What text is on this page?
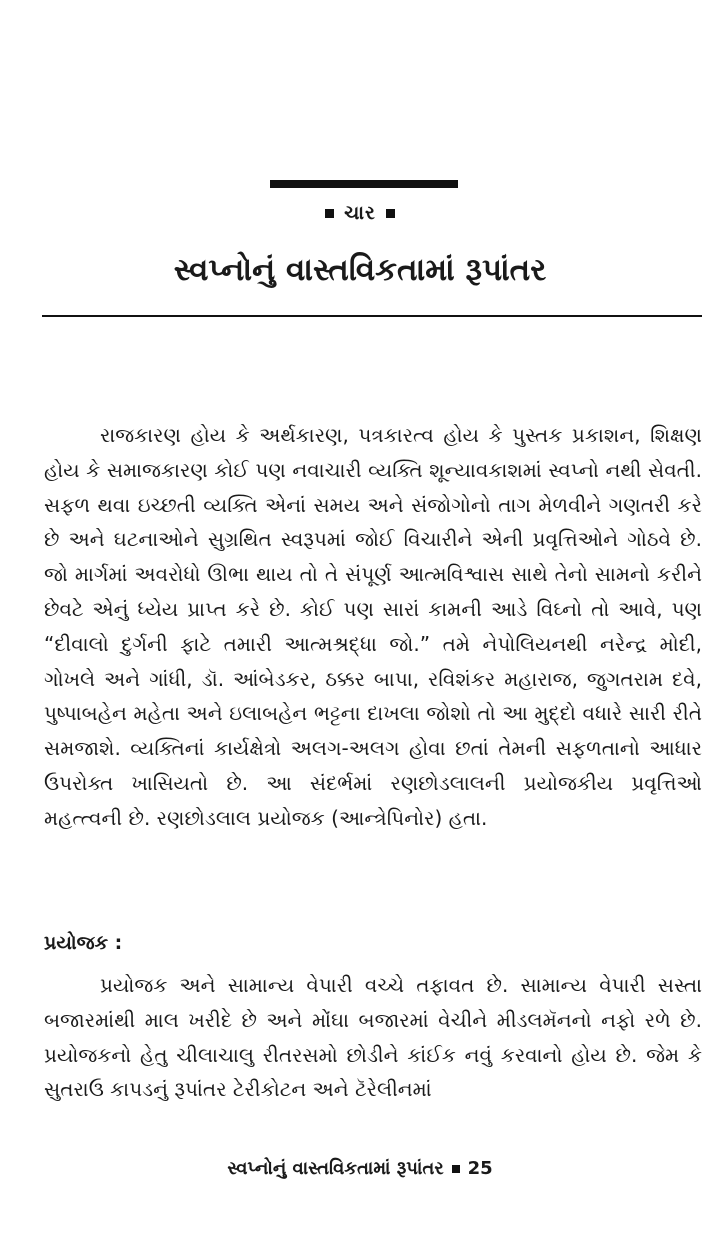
ચાર
સ્વપ્નોનું વાસ્તવિકતામાં રૂપાંતર

રાજકારણ હોય કે અર્થકારણ, પત્રકારત્વ હોય કે પુસ્તક પ્રકાશન, શિક્ષણ હોય કે સમાજકારણ કોઈ પણ નવાચારી વ્યક્તિ શૂન્યાવકાશમાં સ્વપ્નો નથી સેવતી. સફળ થવા ઇચ્છતી વ્યક્તિ એનાં સમય અને સંજોગોનો તાગ મેળવીને ગણતરી કરે છે અને ઘટનાઓને સુગ્રથિત સ્વરૂપમાં જોઈ વિચારીને એની પ્રવૃત્તિઓને ગોઠવે છે. જો માર્ગમાં અવરોધો ઊભા થાય તો તે સંપૂર્ણ આત્મવિશ્વાસ સાથે તેનો સામનો કરીને છેવટે એનું ધ્યેય પ્રાપ્ત કરે છે. કોઈ પણ સારાં કામની આડે વિઘ્નો તો આવે, પણ “દીવાલો દુર્ગની ફાટે તમારી આત્મશ્રદ્ધા જો.” તમે નેપોલિયનથી નરેન્દ્ર મોદી, ગોખલે અને ગાંધી, ડૉ. આંબેડકર, ઠક્કર બાપા, રવિશંકર મહારાજ, જુગતરામ દવે, પુષ્પાબહેન મહેતા અને ઇલાબહેન ભટ્ટના દાખલા જોશો તો આ મુદ્દો વધારે સારી રીતે સમજાશે. વ્યક્તિનાં કાર્યક્ષેત્રો અલગ-અલગ હોવા છતાં તેમની સફળતાનો આધાર ઉપરોક્ત ખાસિયતો છે. આ સંદર્ભમાં રણછોડલાલની પ્રયોજકીય પ્રવૃત્તિઓ મહત્ત્વની છે. રણછોડલાલ પ્રયોજક (આન્ત્રેપિનોર) હતા.

પ્રયોજક :

પ્રયોજક અને સામાન્ય વેપારી વચ્ચે તફાવત છે. સામાન્ય વેપારી સસ્તા બજારમાંથી માલ ખરીદે છે અને મોંઘા બજારમાં વેચીને મીડલમૅનનો નફો રળે છે. પ્રયોજકનો હેતુ ચીલાચાલુ રીતરસમો છોડીને કાંઈક નવું કરવાનો હોય છે. જેમ કે સુતરાઉ કાપડનું રૂપાંતર ટેરીકોટન અને ટૅરેલીનમાં

સ્વપ્નોનું વાસ્તવિકતામાં રૂપાંતર 25
